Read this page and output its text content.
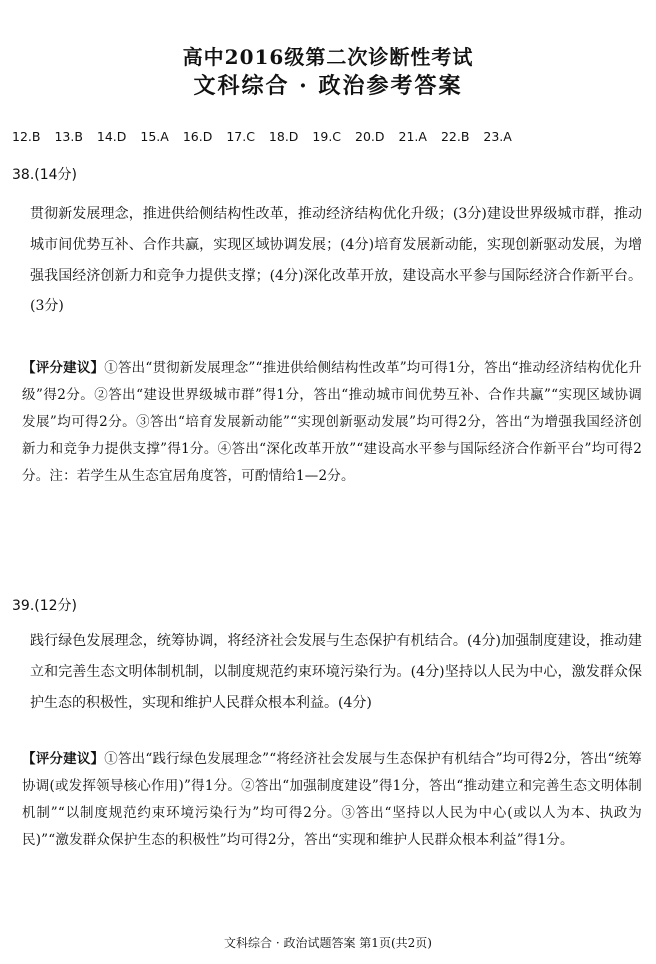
高中2016级第二次诊断性考试
文科综合 · 政治参考答案
12.B 13.B 14.D 15.A 16.D 17.C 18.D 19.C 20.D 21.A 22.B 23.A
38.(14分)
贯彻新发展理念，推进供给侧结构性改革，推动经济结构优化升级；(3分)建设世界级城市群，推动城市间优势互补、合作共赢，实现区域协调发展；(4分)培育发展新动能，实现创新驱动发展，为增强我国经济创新力和竞争力提供支撑；(4分)深化改革开放，建设高水平参与国际经济合作新平台。(3分)
【评分建议】①答出“贯彻新发展理念”“推进供给侧结构性改革”均可得1分，答出“推动经济结构优化升级”得2分。②答出“建设世界级城市群”得1分，答出“推动城市间优势互补、合作共赢”“实现区域协调发展”均可得2分。③答出“培育发展新动能”“实现创新驱动发展”均可得2分，答出“为增强我国经济创新力和竞争力提供支撑”得1分。④答出“深化改革开放”“建设高水平参与国际经济合作新平台”均可得2分。注：若学生从生态宜居角度答，可酌情给1—2分。
39.(12分)
践行绿色发展理念，统筹协调，将经济社会发展与生态保护有机结合。(4分)加强制度建设，推动建立和完善生态文明体制机制，以制度规范约束环境污染行为。(4分)坚持以人民为中心，激发群众保护生态的积极性，实现和维护人民群众根本利益。(4分)
【评分建议】①答出“践行绿色发展理念”“将经济社会发展与生态保护有机结合”均可得2分，答出“统筹协调(或发挥领导核心作用)”得1分。②答出“加强制度建设”得1分，答出“推动建立和完善生态文明体制机制”“以制度规范约束环境污染行为”均可得2分。③答出“坚持以人民为中心(或以人为本、执政为民)”“激发群众保护生态的积极性”均可得2分，答出“实现和维护人民群众根本利益”得1分。
文科综合 · 政治试题答案 第1页(共2页)
